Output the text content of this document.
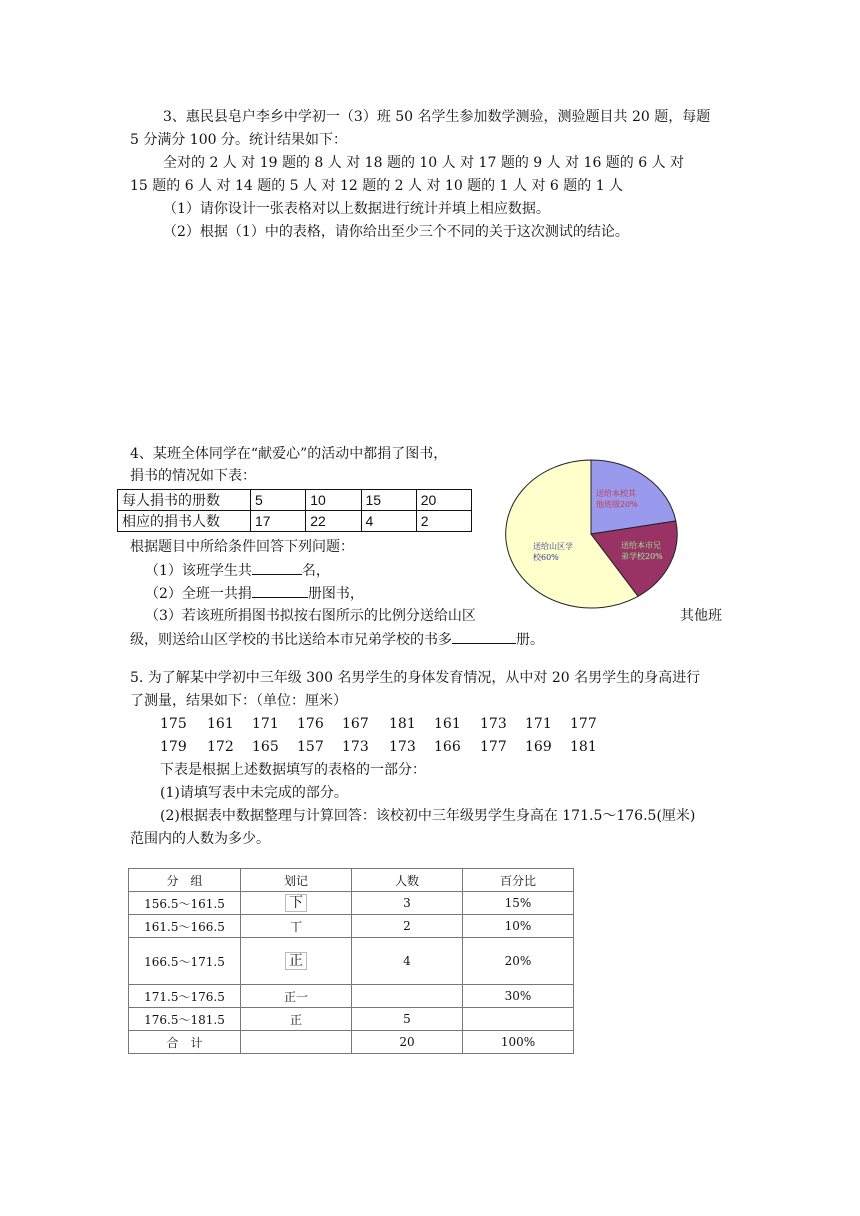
3、惠民县皂户李乡中学初一（3）班 50 名学生参加数学测验，测验题目共 20 题，每题
5 分满分 100 分。统计结果如下：
全对的 2 人 对 19 题的 8 人 对 18 题的 10 人 对 17 题的 9 人 对 16 题的 6 人 对
15 题的 6 人 对 14 题的 5 人 对 12 题的 2 人 对 10 题的 1 人 对 6 题的 1 人
（1）请你设计一张表格对以上数据进行统计并填上相应数据。
（2）根据（1）中的表格，请你给出至少三个不同的关于这次测试的结论。
4、某班全体同学在“献爱心”的活动中都捐了图书，
捐书的情况如下表：
每人捐书的册数	5	10	15	20
相应的捐书人数	17	22	4	2
根据题目中所给条件回答下列问题：
（1）该班学生共	名，
（2）全班一共捐	册图书，
（3）若该班所捐图书拟按右图所示的比例分送给山区	其他班
级，则送给山区学校的书比送给本市兄弟学校的书多	册。
送给本校其
他班级20%
送给本市兄
弟学校20%
送给山区学
校60%
5. 为了解某中学初中三年级 300 名男学生的身体发育情况，从中对 20 名男学生的身高进行
了测量，结果如下：（单位：厘米）
175 161 171 176 167 181 161 173 171 177
179 172 165 157 173 173 166 177 169 181
下表是根据上述数据填写的表格的一部分：
(1)请填写表中未完成的部分。
(2)根据表中数据整理与计算回答：该校初中三年级男学生身高在 171.5～176.5(厘米)
范围内的人数为多少。
分　组	划记	人数	百分比
156.5～161.5	下	3	15%
161.5～166.5	丅	2	10%
166.5～171.5	正	4	20%
171.5～176.5	正一		30%
176.5～181.5	正	5	
合　计		20	100%
